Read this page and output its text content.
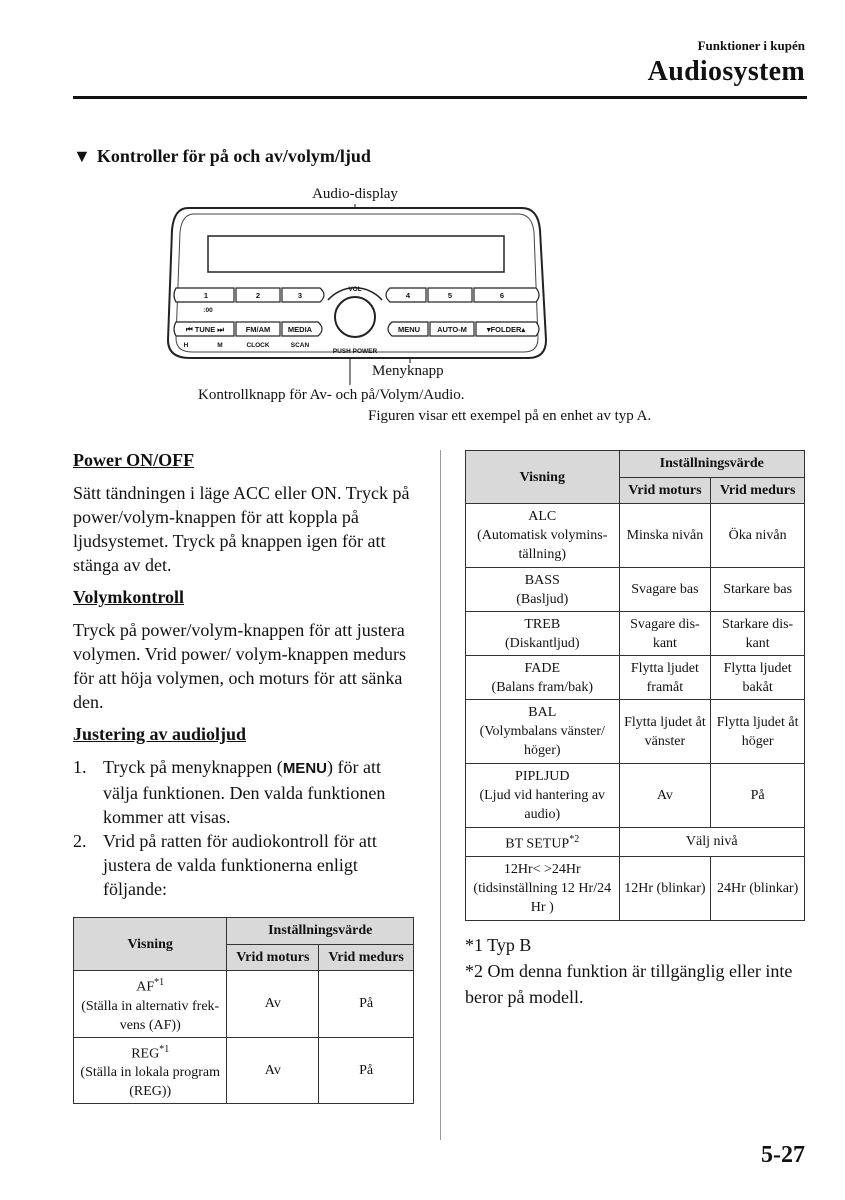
Funktioner i kupén
Audiosystem
▼ Kontroller för på och av/volym/ljud
Audio-display
Menyknapp
Kontrollknapp för Av- och på/Volym/Audio.
1	2	3	4	5	6
:00
VOL
⏮ TUNE ⏭	FM/AM MEDIA	MENU AUTO-M	▾FOLDER▴
H	M	CLOCK	SCAN
PUSH POWER
Figuren visar ett exempel på en enhet av typ A.

Power ON/OFF

Sätt tändningen i läge ACC eller ON. Tryck på power/volym-knappen för att koppla på ljudsystemet. Tryck på knappen igen för att stänga av det.

Volymkontroll

Tryck på power/volym-knappen för att justera volymen. Vrid power/ volym-knappen medurs för att höja volymen, och moturs för att sänka den.

Justering av audioljud

1. Tryck på menyknappen (MENU) för att välja funktionen. Den valda funktionen kommer att visas.
2. Vrid på ratten för audiokontroll för att justera de valda funktionerna enligt följande:
Visning	Inställningsvärde	
	Vrid moturs	Vrid medurs
AF$^{*1}$
(Ställa in alternativ frek-vens (AF))	Av	På
REG$^{*1}$
(Ställa in lokala program (REG))	Av	På
Visning	Inställningsvärde	
	Vrid moturs	Vrid medurs
ALC
(Automatisk volymins-tällning)	Minska nivån	Öka nivån
BASS
(Basljud)	Svagare bas	Starkare bas
TREB
(Diskantljud)	Svagare dis-kant	Starkare dis-kant
FADE
(Balans fram/bak)	Flytta ljudet framåt	Flytta ljudet bakåt
BAL
(Volymbalans vänster/ höger)	Flytta ljudet åt vänster	Flytta ljudet åt höger
PIPLJUD
(Ljud vid hantering av audio)	Av	På
BT SETUP$^{*2}$	Välj nivå	
12Hr< >24Hr
(tidsinställning 12 Hr/24 Hr )	12Hr (blinkar)	24Hr (blinkar)
*1 Typ B
*2 Om denna funktion är tillgänglig eller inte beror på modell.
5-27
